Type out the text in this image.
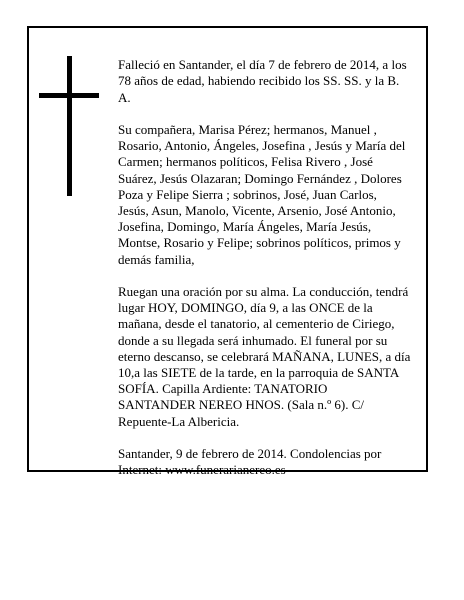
Falleció en Santander, el día 7 de febrero de 2014, a los
78 años de edad, habiendo recibido los SS. SS. y la B.
A.

Su compañera, Marisa Pérez; hermanos, Manuel ,
Rosario, Antonio, Ángeles, Josefina , Jesús y María del
Carmen; hermanos políticos, Felisa Rivero , José
Suárez, Jesús Olazaran; Domingo Fernández , Dolores
Poza y Felipe Sierra ; sobrinos, José, Juan Carlos,
Jesús, Asun, Manolo, Vicente, Arsenio, José Antonio,
Josefina, Domingo, María Ángeles, María Jesús,
Montse, Rosario y Felipe; sobrinos políticos, primos y
demás familia,

Ruegan una oración por su alma. La conducción, tendrá
lugar HOY, DOMINGO, día 9, a las ONCE de la
mañana, desde el tanatorio, al cementerio de Ciriego,
donde a su llegada será inhumado. El funeral por su
eterno descanso, se celebrará MAÑANA, LUNES, a día
10,a las SIETE de la tarde, en la parroquia de SANTA
SOFÍA. Capilla Ardiente: TANATORIO
SANTANDER NEREO HNOS. (Sala n.º 6). C/
Repuente-La Albericia.

Santander, 9 de febrero de 2014. Condolencias por
Internet: www.funerarianereo.es
